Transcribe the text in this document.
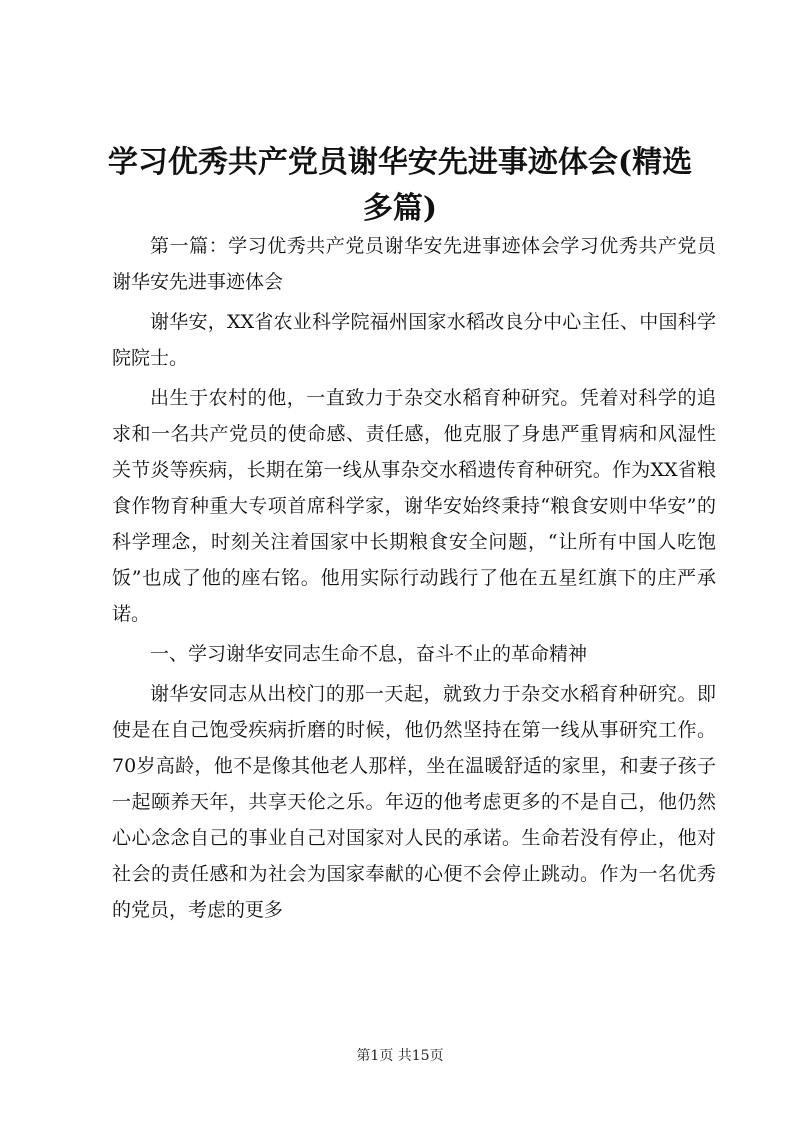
学习优秀共产党员谢华安先进事迹体会(精选多篇)

第一篇：学习优秀共产党员谢华安先进事迹体会学习优秀共产党员谢华安先进事迹体会

谢华安，XX省农业科学院福州国家水稻改良分中心主任、中国科学院院士。

出生于农村的他，一直致力于杂交水稻育种研究。凭着对科学的追求和一名共产党员的使命感、责任感，他克服了身患严重胃病和风湿性关节炎等疾病，长期在第一线从事杂交水稻遗传育种研究。作为XX省粮食作物育种重大专项首席科学家，谢华安始终秉持“粮食安则中华安”的科学理念，时刻关注着国家中长期粮食安全问题，“让所有中国人吃饱饭”也成了他的座右铭。他用实际行动践行了他在五星红旗下的庄严承诺。

一、学习谢华安同志生命不息，奋斗不止的革命精神

谢华安同志从出校门的那一天起，就致力于杂交水稻育种研究。即使是在自己饱受疾病折磨的时候，他仍然坚持在第一线从事研究工作。70岁高龄，他不是像其他老人那样，坐在温暖舒适的家里，和妻子孩子一起颐养天年，共享天伦之乐。年迈的他考虑更多的不是自己，他仍然心心念念自己的事业自己对国家对人民的承诺。生命若没有停止，他对社会的责任感和为社会为国家奉献的心便不会停止跳动。作为一名优秀的党员，考虑的更多

第1页 共15页
